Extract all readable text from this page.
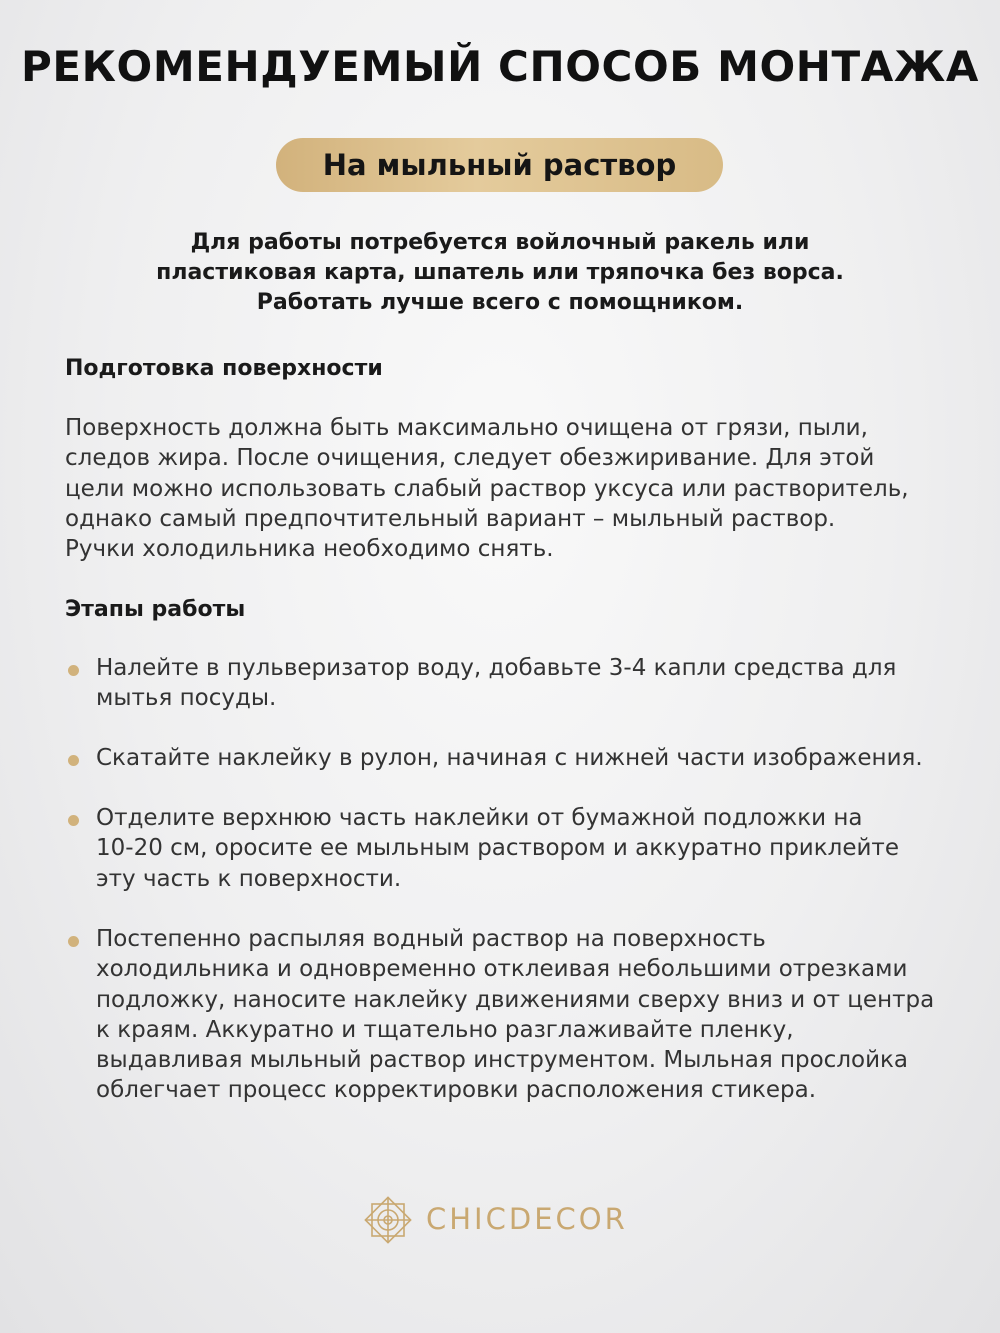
РЕКОМЕНДУЕМЫЙ СПОСОБ МОНТАЖА
На мыльный раствор
Для работы потребуется войлочный ракель или
пластиковая карта, шпатель или тряпочка без ворса.
Работать лучше всего с помощником.
Подготовка поверхности
Поверхность должна быть максимально очищена от грязи, пыли,
следов жира. После очищения, следует обезжиривание. Для этой
цели можно использовать слабый раствор уксуса или растворитель,
однако самый предпочтительный вариант – мыльный раствор.
Ручки холодильника необходимо снять.
Этапы работы
Налейте в пульверизатор воду, добавьте 3-4 капли средства для
мытья посуды.
Скатайте наклейку в рулон, начиная с нижней части изображения.
Отделите верхнюю часть наклейки от бумажной подложки на
10-20 см, оросите ее мыльным раствором и аккуратно приклейте
эту часть к поверхности.
Постепенно распыляя водный раствор на поверхность
холодильника и одновременно отклеивая небольшими отрезками
подложку, наносите наклейку движениями сверху вниз и от центра
к краям. Аккуратно и тщательно разглаживайте пленку,
выдавливая мыльный раствор инструментом. Мыльная прослойка
облегчает процесс корректировки расположения стикера.
CHICDECOR
